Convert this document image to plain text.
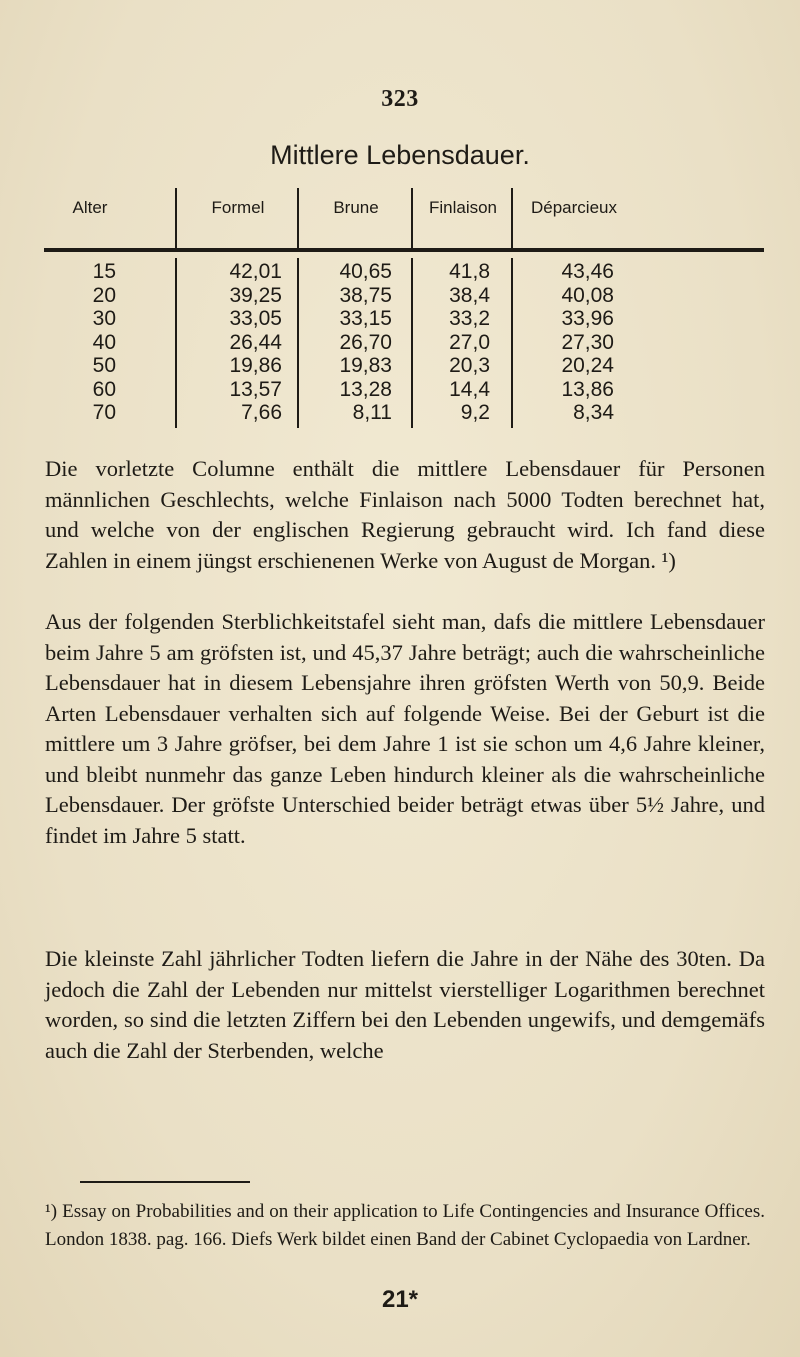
323
Mittlere Lebensdauer.
Alter	Formel	Brune	Finlaison	Déparcieux
15	42,01	40,65	41,8	43,46
20	39,25	38,75	38,4	40,08
30	33,05	33,15	33,2	33,96
40	26,44	26,70	27,0	27,30
50	19,86	19,83	20,3	20,24
60	13,57	13,28	14,4	13,86
70	7,66	8,11	9,2	8,34

Die vorletzte Columne enthält die mittlere Lebensdauer für Personen männlichen Geschlechts, welche Finlaison nach 5000 Todten berechnet hat, und welche von der englischen Regierung gebraucht wird. Ich fand diese Zahlen in einem jüngst erschienenen Werke von August de Morgan. ¹)

Aus der folgenden Sterblichkeitstafel sieht man, dafs die mittlere Lebensdauer beim Jahre 5 am gröfsten ist, und 45,37 Jahre beträgt; auch die wahrscheinliche Lebensdauer hat in diesem Lebensjahre ihren gröfsten Werth von 50,9. Beide Arten Lebensdauer verhalten sich auf folgende Weise. Bei der Geburt ist die mittlere um 3 Jahre gröfser, bei dem Jahre 1 ist sie schon um 4,6 Jahre kleiner, und bleibt nunmehr das ganze Leben hindurch kleiner als die wahrscheinliche Lebensdauer. Der gröfste Unterschied beider beträgt etwas über 5½ Jahre, und findet im Jahre 5 statt.

Die kleinste Zahl jährlicher Todten liefern die Jahre in der Nähe des 30ten. Da jedoch die Zahl der Lebenden nur mittelst vierstelliger Logarithmen berechnet worden, so sind die letzten Ziffern bei den Lebenden ungewifs, und demgemäfs auch die Zahl der Sterbenden, welche

¹) Essay on Probabilities and on their application to Life Contingencies and Insurance Offices. London 1838. pag. 166. Diefs Werk bildet einen Band der Cabinet Cyclopaedia von Lardner.

21*
